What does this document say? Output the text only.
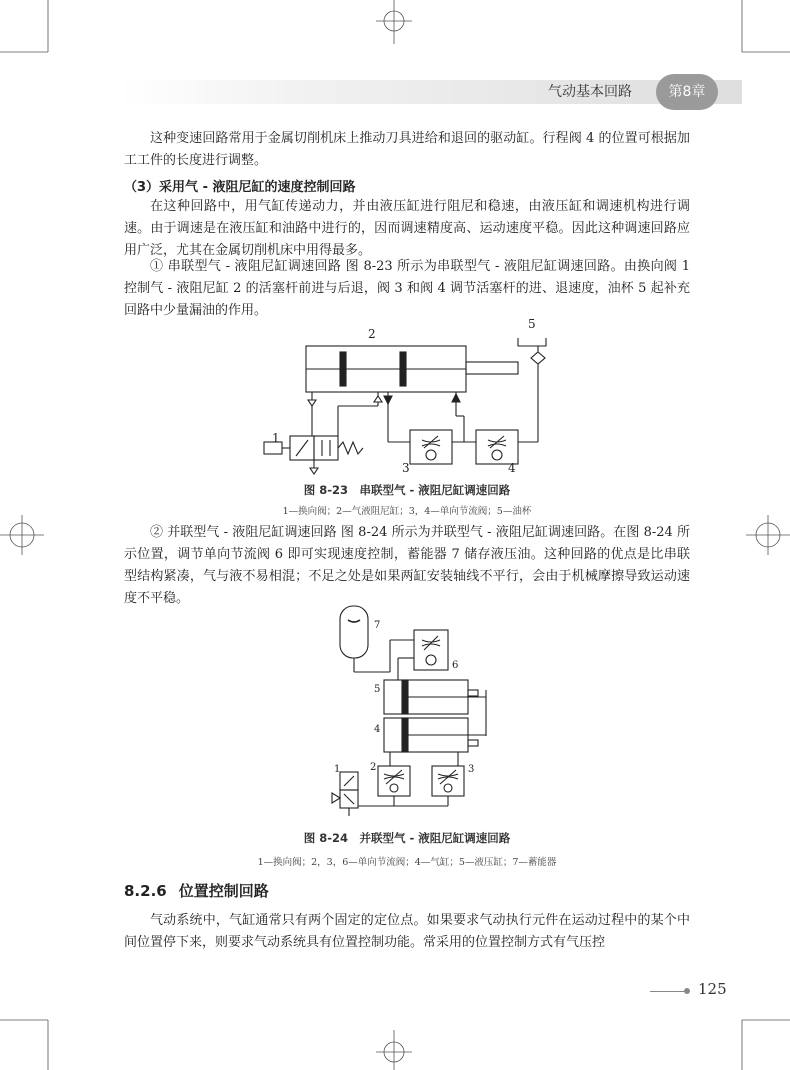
气动基本回路	第8章

这种变速回路常用于金属切削机床上推动刀具进给和退回的驱动缸。行程阀 4 的位置可根据加工工件的长度进行调整。

（3）采用气 - 液阻尼缸的速度控制回路

在这种回路中，用气缸传递动力，并由液压缸进行阻尼和稳速，由液压缸和调速机构进行调速。由于调速是在液压缸和油路中进行的，因而调速精度高、运动速度平稳。因此这种调速回路应用广泛，尤其在金属切削机床中用得最多。

① 串联型气 - 液阻尼缸调速回路 图 8-23 所示为串联型气 - 液阻尼缸调速回路。由换向阀 1 控制气 - 液阻尼缸 2 的活塞杆前进与后退，阀 3 和阀 4 调节活塞杆的进、退速度，油杯 5 起补充回路中少量漏油的作用。

2
5
1
3	4
图 8-23　串联型气 - 液阻尼缸调速回路
1—换向阀；2—气液阻尼缸；3，4—单向节流阀；5—油杯

② 并联型气 - 液阻尼缸调速回路 图 8-24 所示为并联型气 - 液阻尼缸调速回路。在图 8-24 所示位置，调节单向节流阀 6 即可实现速度控制，蓄能器 7 储存液压油。这种回路的优点是比串联型结构紧凑，气与液不易相混；不足之处是如果两缸安装轴线不平行，会由于机械摩擦导致运动速度不平稳。

7
6
5
4
2	3
1
图 8-24　并联型气 - 液阻尼缸调速回路
1—换向阀；2，3，6—单向节流阀；4—气缸；5—液压缸；7—蓄能器
8.2.6 位置控制回路

气动系统中，气缸通常只有两个固定的定位点。如果要求气动执行元件在运动过程中的某个中间位置停下来，则要求气动系统具有位置控制功能。常采用的位置控制方式有气压控

125
